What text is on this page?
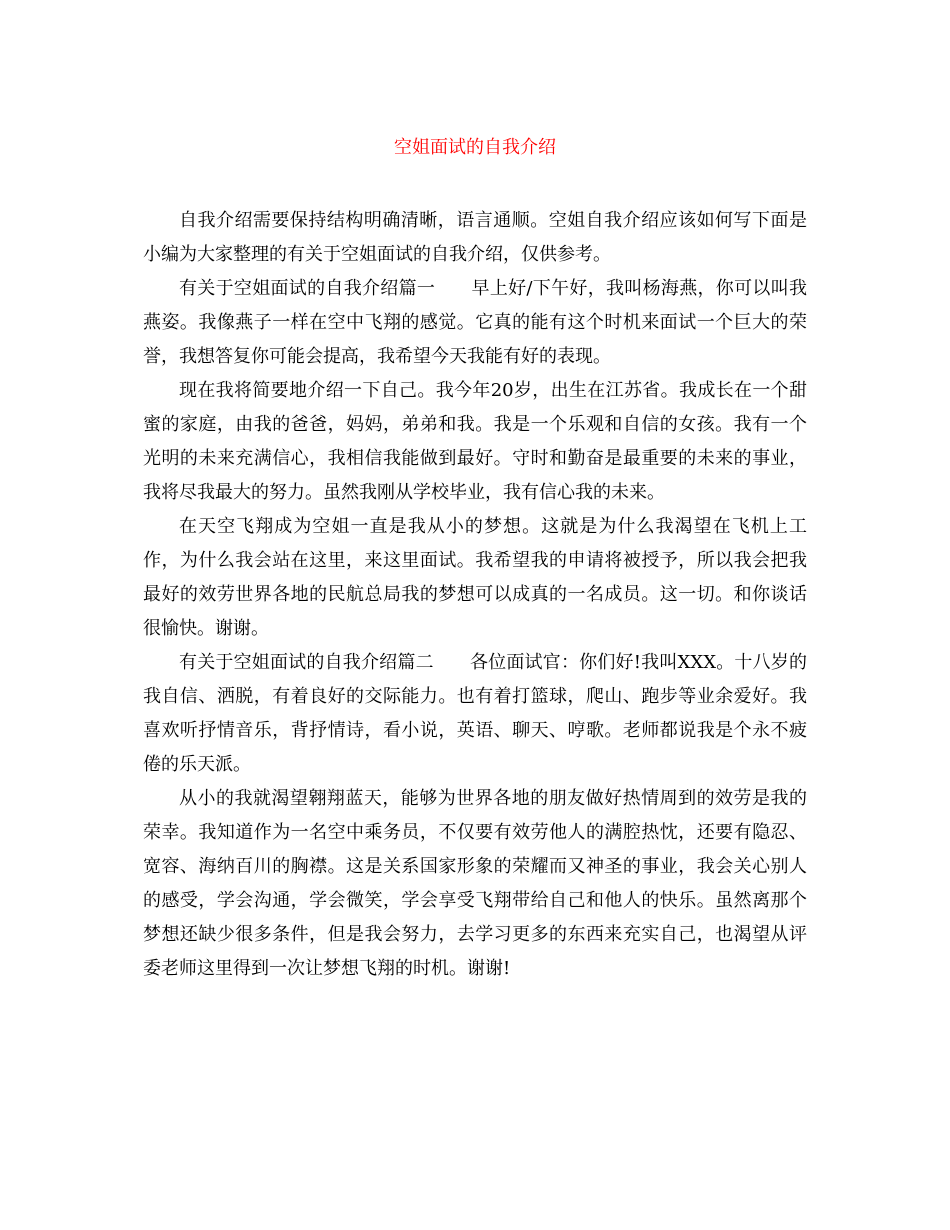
空姐面试的自我介绍

自我介绍需要保持结构明确清晰，语言通顺。空姐自我介绍应该如何写下面是小编为大家整理的有关于空姐面试的自我介绍，仅供参考。

有关于空姐面试的自我介绍篇一 早上好/下午好，我叫杨海燕，你可以叫我燕姿。我像燕子一样在空中飞翔的感觉。它真的能有这个时机来面试一个巨大的荣誉，我想答复你可能会提高，我希望今天我能有好的表现。

现在我将简要地介绍一下自己。我今年20岁，出生在江苏省。我成长在一个甜蜜的家庭，由我的爸爸，妈妈，弟弟和我。我是一个乐观和自信的女孩。我有一个光明的未来充满信心，我相信我能做到最好。守时和勤奋是最重要的未来的事业，我将尽我最大的努力。虽然我刚从学校毕业，我有信心我的未来。

在天空飞翔成为空姐一直是我从小的梦想。这就是为什么我渴望在飞机上工作，为什么我会站在这里，来这里面试。我希望我的申请将被授予，所以我会把我最好的效劳世界各地的民航总局我的梦想可以成真的一名成员。这一切。和你谈话很愉快。谢谢。

有关于空姐面试的自我介绍篇二 各位面试官：你们好!我叫XXX。十八岁的我自信、洒脱，有着良好的交际能力。也有着打篮球，爬山、跑步等业余爱好。我喜欢听抒情音乐，背抒情诗，看小说，英语、聊天、哼歌。老师都说我是个永不疲倦的乐天派。

从小的我就渴望翱翔蓝天，能够为世界各地的朋友做好热情周到的效劳是我的荣幸。我知道作为一名空中乘务员，不仅要有效劳他人的满腔热忱，还要有隐忍、宽容、海纳百川的胸襟。这是关系国家形象的荣耀而又神圣的事业，我会关心别人的感受，学会沟通，学会微笑，学会享受飞翔带给自己和他人的快乐。虽然离那个梦想还缺少很多条件，但是我会努力，去学习更多的东西来充实自己，也渴望从评委老师这里得到一次让梦想飞翔的时机。谢谢!
